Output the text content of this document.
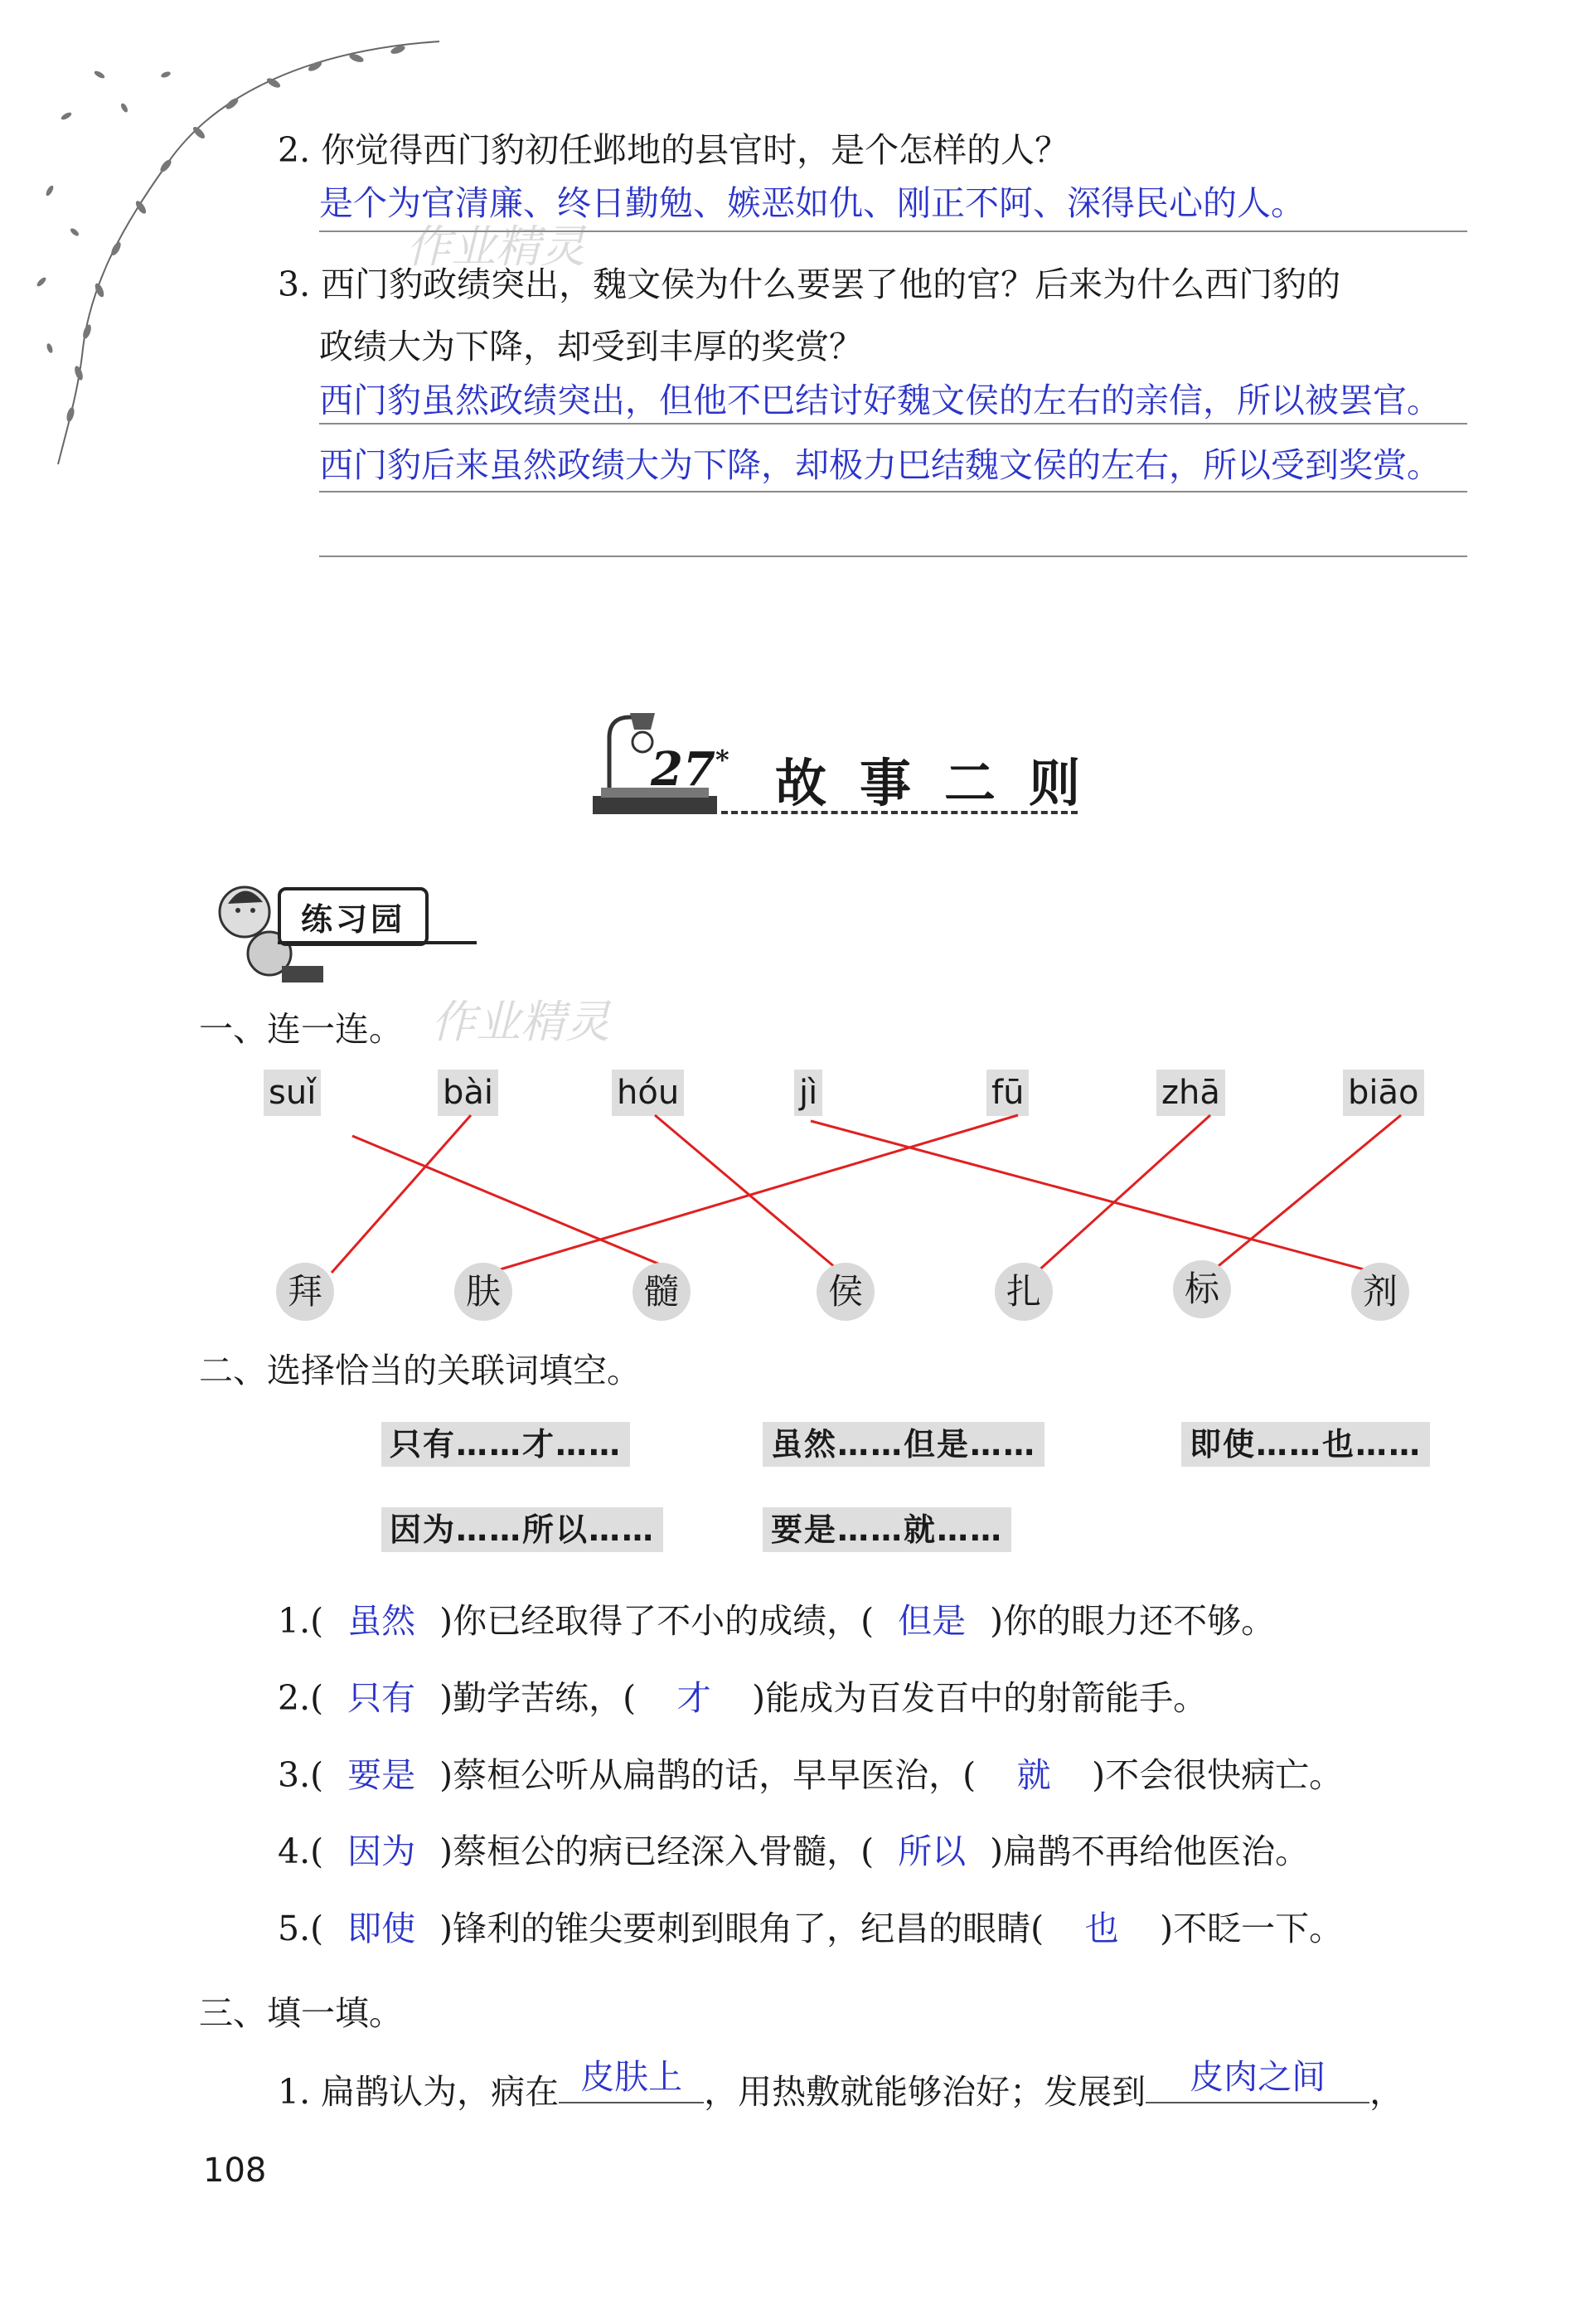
2. 你觉得西门豹初任邺地的县官时，是个怎样的人？
是个为官清廉、终日勤勉、嫉恶如仇、刚正不阿、深得民心的人。
3. 西门豹政绩突出，魏文侯为什么要罢了他的官？后来为什么西门豹的
政绩大为下降，却受到丰厚的奖赏？
西门豹虽然政绩突出，但他不巴结讨好魏文侯的左右的亲信，所以被罢官。
西门豹后来虽然政绩大为下降，却极力巴结魏文侯的左右，所以受到奖赏。
27* 故事二则
练习园
一、连一连。 作业精灵
作业精灵
suǐ	bài	hóu	jì	fū	zhā	biāo
拜	肤	髓	侯	扎	标	剂
二、选择恰当的关联词填空。
只有……才……	虽然……但是……	即使……也……
因为……所以……	要是……就……
1.( 虽然 )你已经取得了不小的成绩，( 但是 )你的眼力还不够。
2.( 只有 )勤学苦练，( 才 )能成为百发百中的射箭能手。
3.( 要是 )蔡桓公听从扁鹊的话，早早医治，( 就 )不会很快病亡。
4.( 因为 )蔡桓公的病已经深入骨髓，( 所以 )扁鹊不再给他医治。
5.( 即使 )锋利的锥尖要刺到眼角了，纪昌的眼睛( 也 )不眨一下。
三、填一填。
1. 扁鹊认为，病在 皮肤上 ，用热敷就能够治好；发展到	皮肉之间	，
108
